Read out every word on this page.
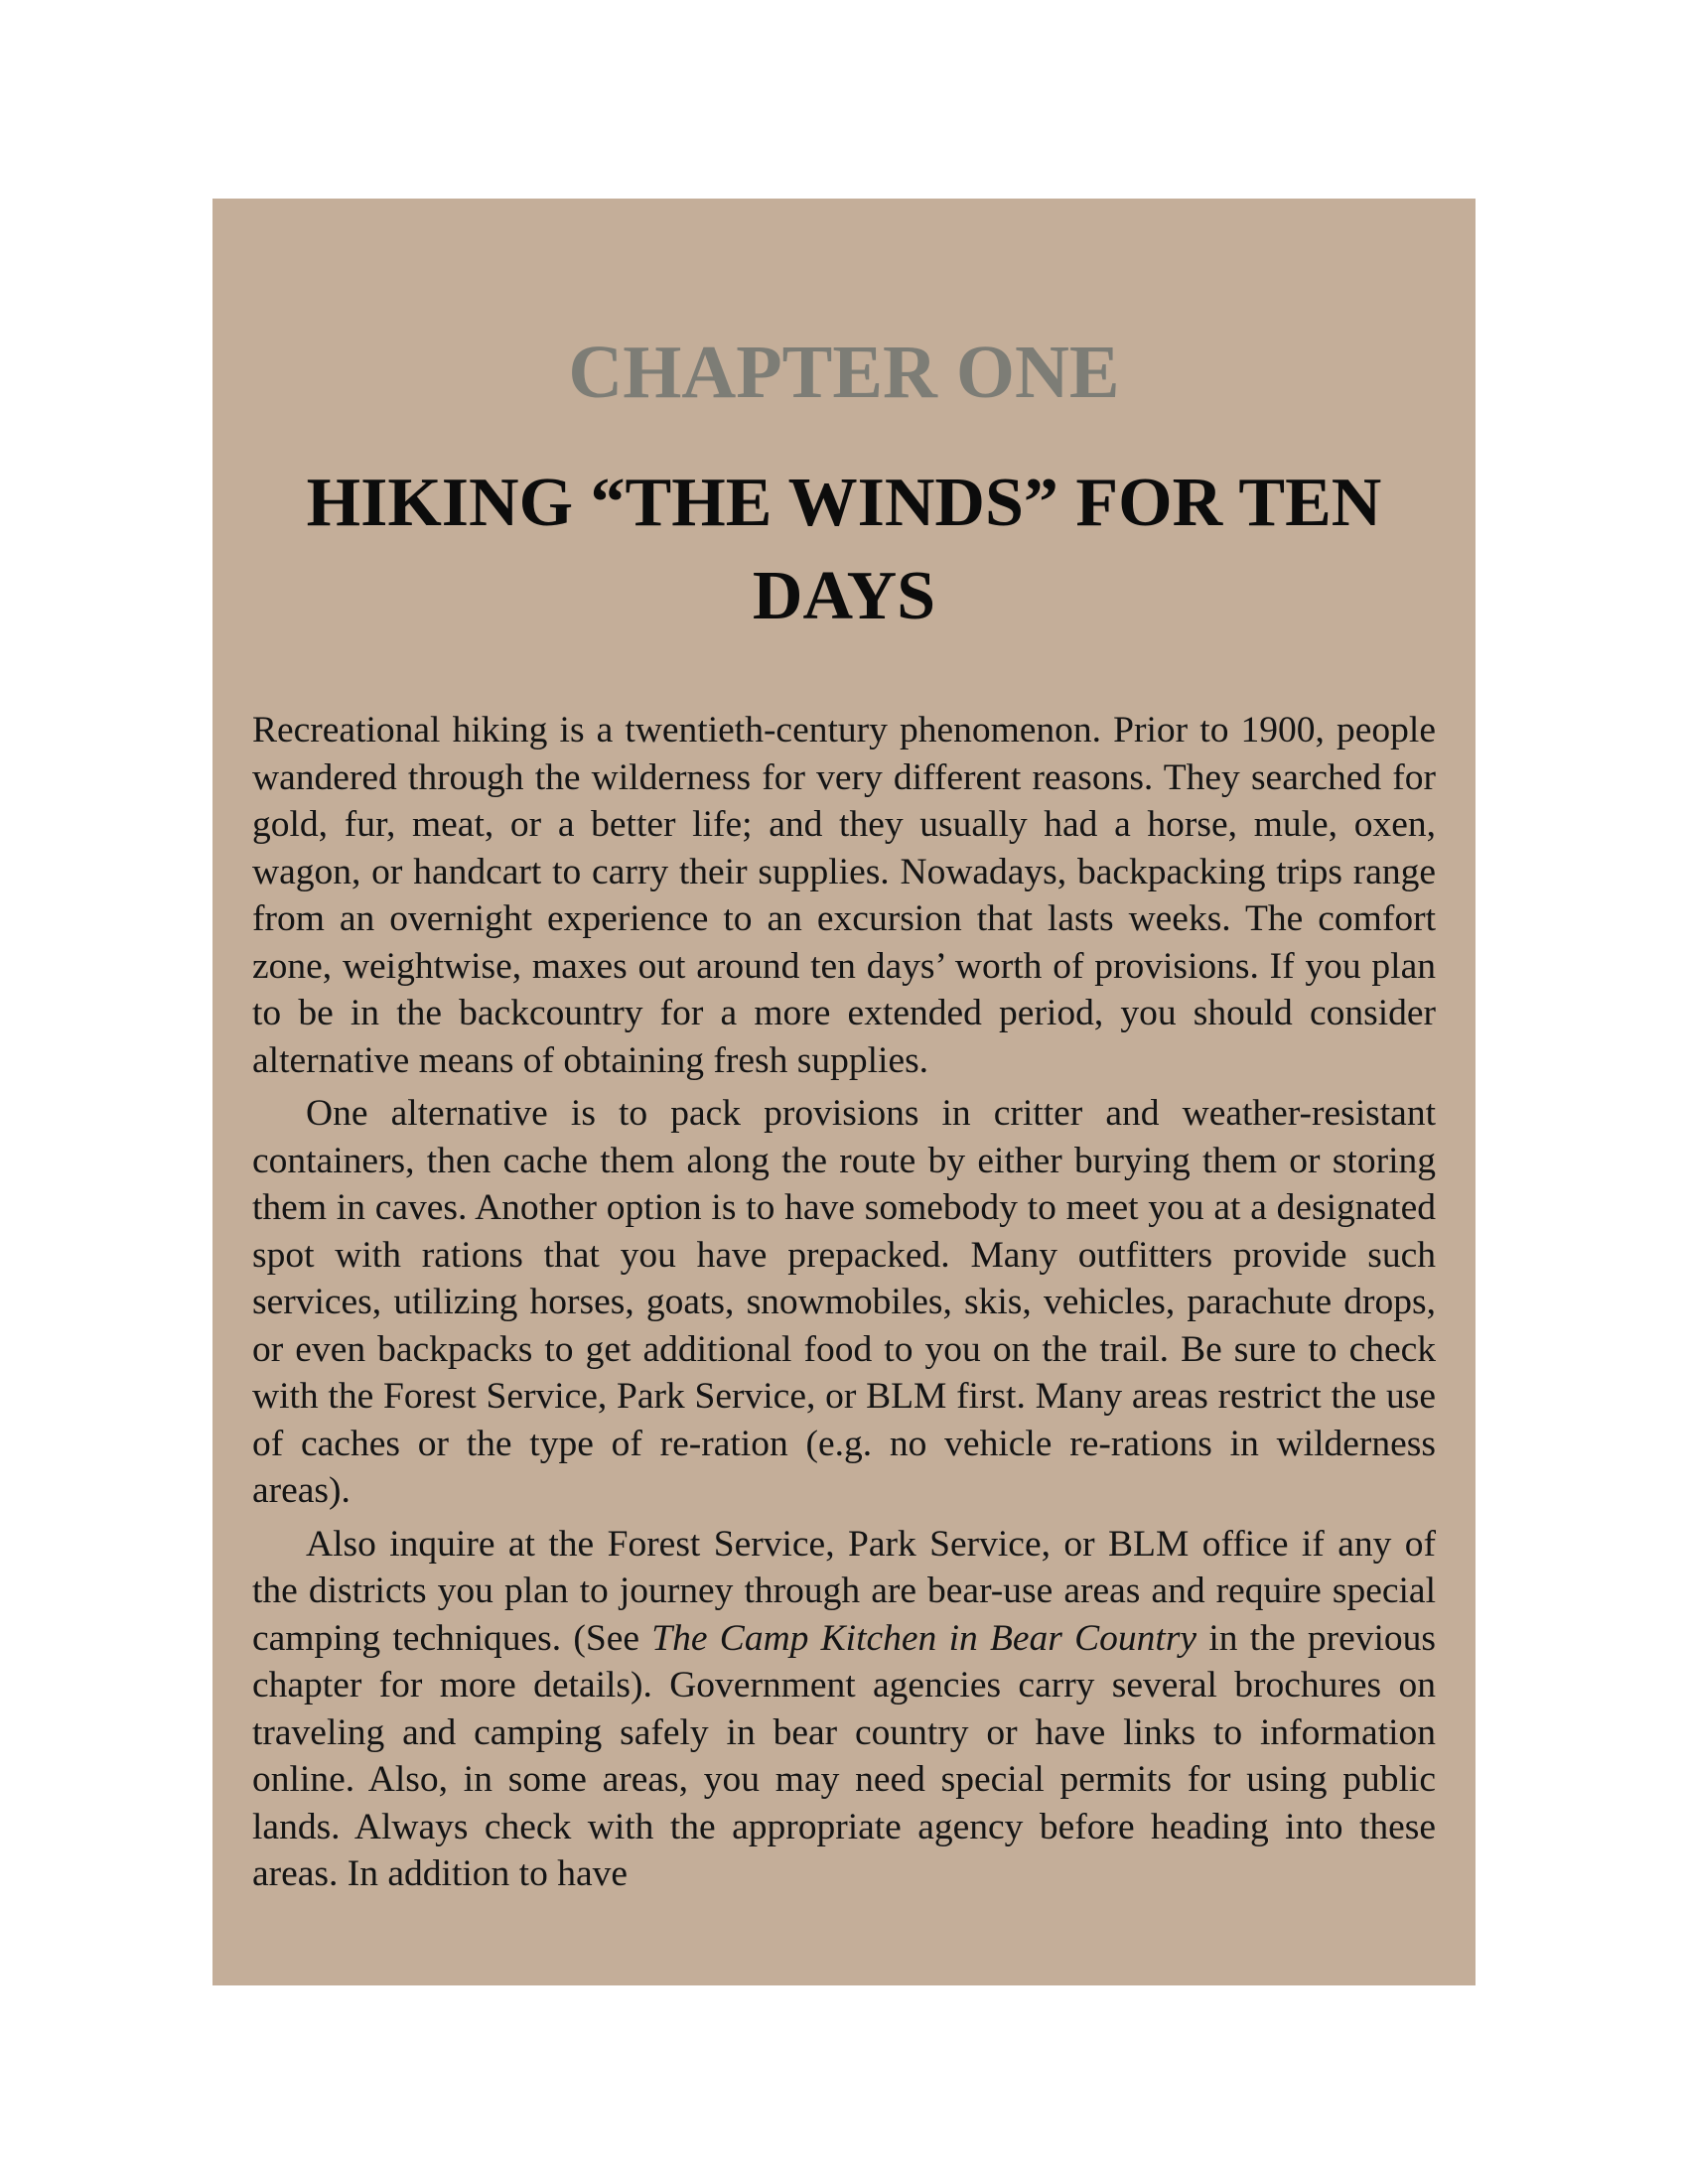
CHAPTER ONE
HIKING “THE WINDS” FOR TEN DAYS

Recreational hiking is a twentieth-century phenomenon. Prior to 1900, people wandered through the wilderness for very different reasons. They searched for gold, fur, meat, or a better life; and they usually had a horse, mule, oxen, wagon, or handcart to carry their supplies. Nowadays, backpacking trips range from an overnight experience to an excursion that lasts weeks. The comfort zone, weightwise, maxes out around ten days’ worth of provisions. If you plan to be in the backcountry for a more extended period, you should consider alternative means of obtaining fresh supplies.

One alternative is to pack provisions in critter and weather-resistant containers, then cache them along the route by either burying them or storing them in caves. Another option is to have somebody to meet you at a designated spot with rations that you have prepacked. Many outfitters provide such services, utilizing horses, goats, snowmobiles, skis, vehicles, parachute drops, or even backpacks to get additional food to you on the trail. Be sure to check with the Forest Service, Park Service, or BLM first. Many areas restrict the use of caches or the type of re-ration (e.g. no vehicle re-rations in wilderness areas).

Also inquire at the Forest Service, Park Service, or BLM office if any of the districts you plan to journey through are bear-use areas and require special camping techniques. (See The Camp Kitchen in Bear Country in the previous chapter for more details). Government agencies carry several brochures on traveling and camping safely in bear country or have links to information online. Also, in some areas, you may need special permits for using public lands. Always check with the appropriate agency before heading into these areas. In addition to have
